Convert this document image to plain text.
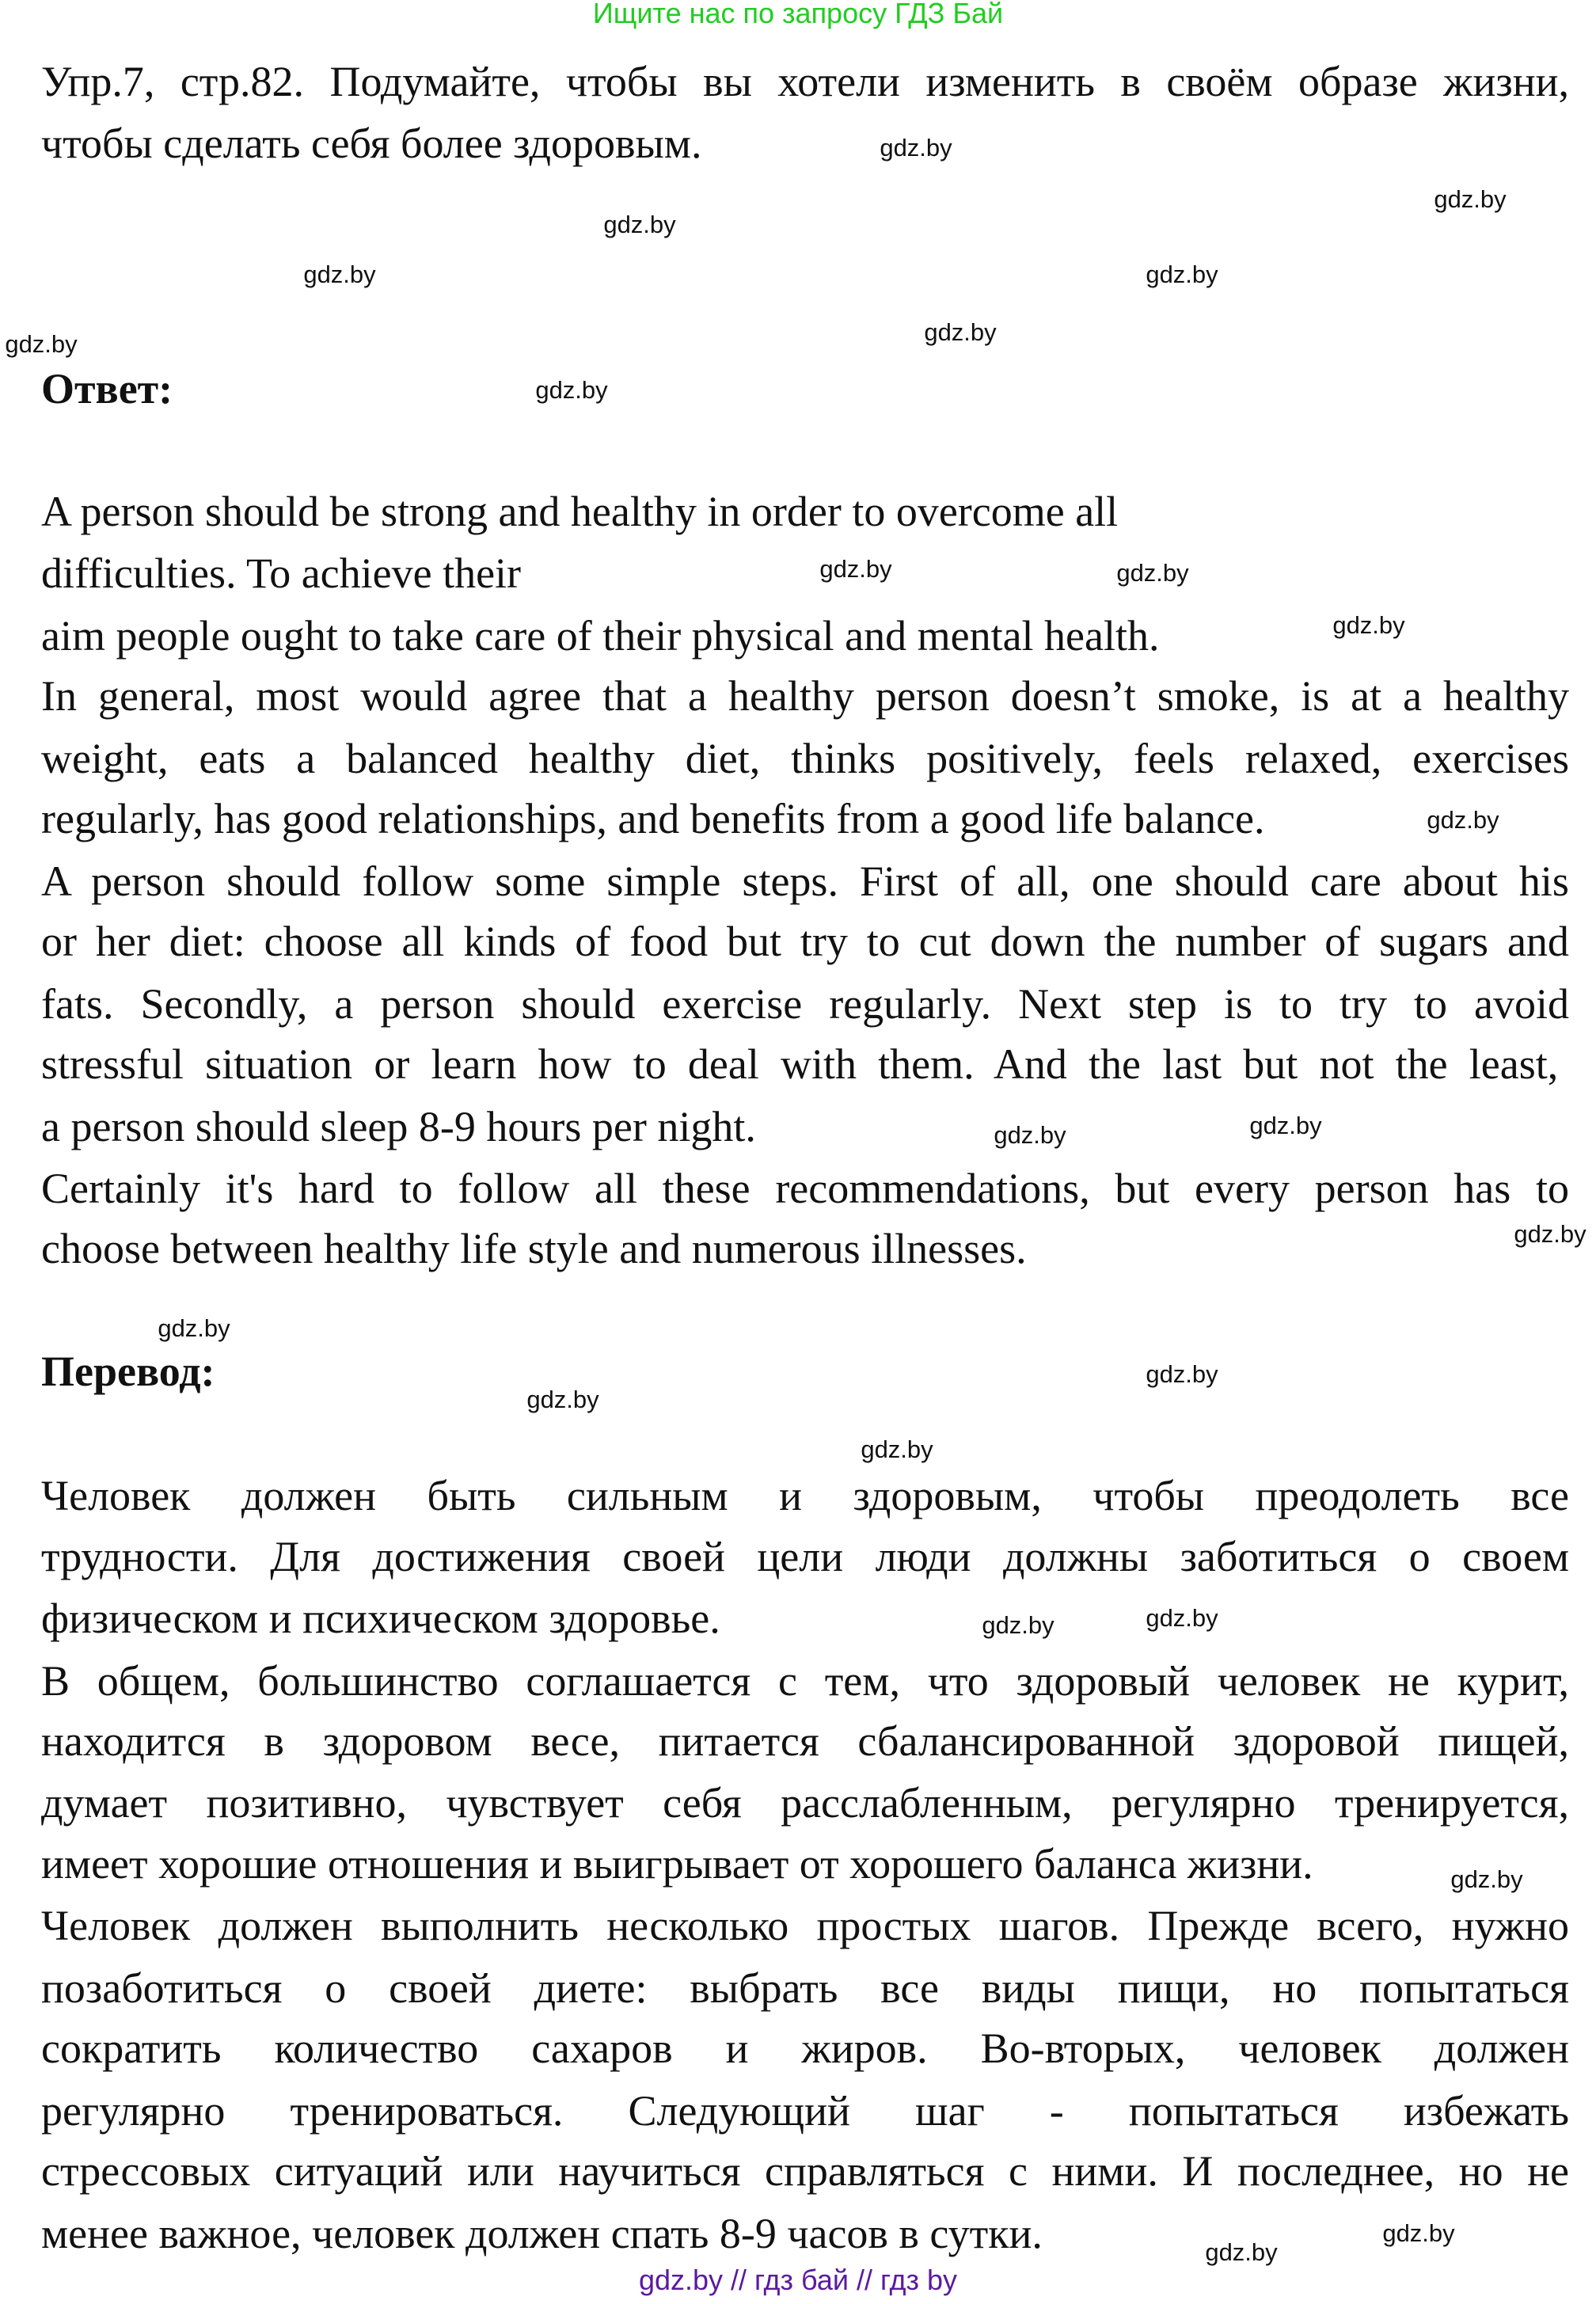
Ищите нас по запросу ГДЗ Бай
Упр.7, стр.82. Подумайте, чтобы вы хотели изменить в своём образе жизни,
чтобы сделать себя более здоровым.
Ответ:
A person should be strong and healthy in order to overcome all
difficulties. To achieve their
aim people ought to take care of their physical and mental health.
In general, most would agree that a healthy person doesn’t smoke, is at a healthy
weight, eats a balanced healthy diet, thinks positively, feels relaxed, exercises
regularly, has good relationships, and benefits from a good life balance.
A person should follow some simple steps. First of all, one should care about his
or her diet: choose all kinds of food but try to cut down the number of sugars and
fats. Secondly, a person should exercise regularly. Next step is to try to avoid
stressful situation or learn how to deal with them. And the last but not the least,
a person should sleep 8-9 hours per night.
Certainly it's hard to follow all these recommendations, but every person has to
choose between healthy life style and numerous illnesses.
Перевод:
Человек должен быть сильным и здоровым, чтобы преодолеть все
трудности. Для достижения своей цели люди должны заботиться о своем
физическом и психическом здоровье.
В общем, большинство соглашается с тем, что здоровый человек не курит,
находится в здоровом весе, питается сбалансированной здоровой пищей,
думает позитивно, чувствует себя расслабленным, регулярно тренируется,
имеет хорошие отношения и выигрывает от хорошего баланса жизни.
Человек должен выполнить несколько простых шагов. Прежде всего, нужно
позаботиться о своей диете: выбрать все виды пищи, но попытаться
сократить количество сахаров и жиров. Во-вторых, человек должен
регулярно тренироваться. Следующий шаг - попытаться избежать
стрессовых ситуаций или научиться справляться с ними. И последнее, но не
менее важное, человек должен спать 8-9 часов в сутки.
gdz.by
gdz.by
gdz.by
gdz.by
gdz.by
gdz.by
gdz.by
gdz.by
gdz.by
gdz.by
gdz.by
gdz.by
gdz.by
gdz.by
gdz.by
gdz.by
gdz.by	gdz.by
gdz.by
gdz.by
gdz.by
gdz.by
gdz.by
gdz.by
gdz.by // гдз бай // гдз by
